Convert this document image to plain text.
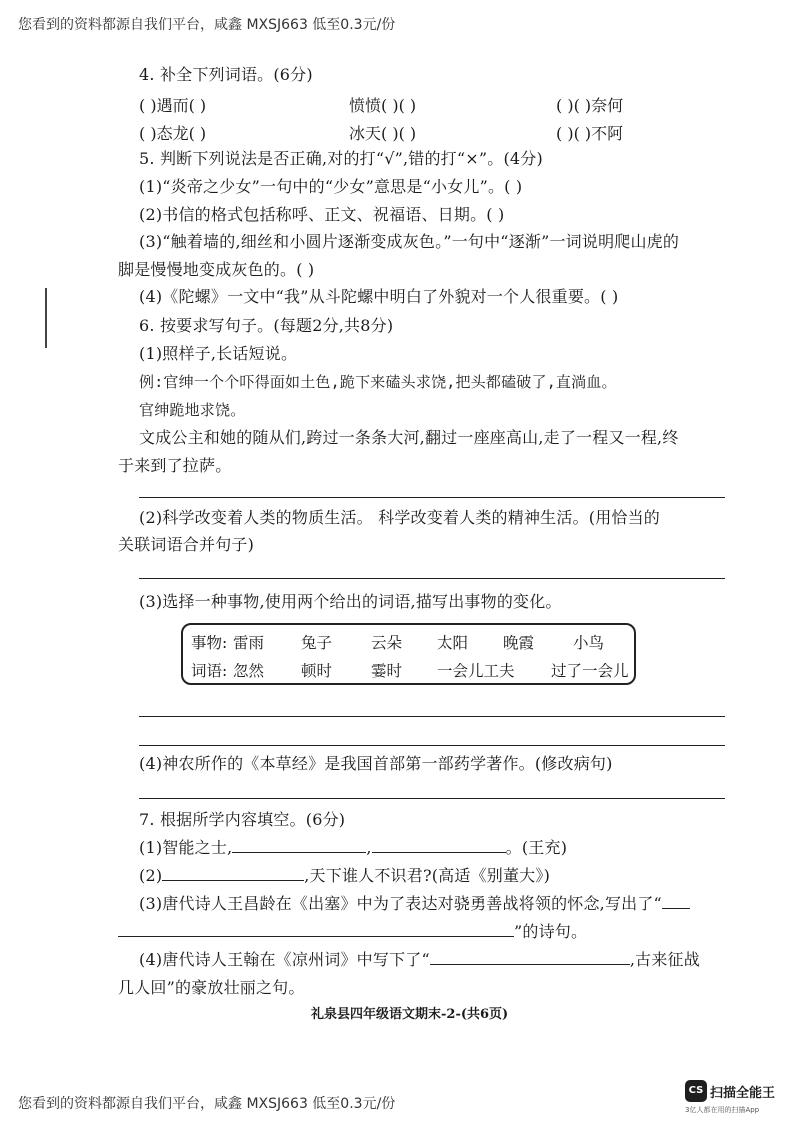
您看到的资料都源自我们平台，咸鑫 MXSJ663 低至0.3元/份
您看到的资料都源自我们平台，咸鑫 MXSJ663 低至0.3元/份
4. 补全下列词语。(6分)
( )遇而( )	愤愤( )( )	( )( )奈何
( )态龙( )	冰天( )( )	( )( )不阿
5. 判断下列说法是否正确,对的打“√”,错的打“×”。(4分)
(1)“炎帝之少女”一句中的“少女”意思是“小女儿”。( )
(2)书信的格式包括称呼、正文、祝福语、日期。( )
(3)“触着墙的,细丝和小圆片逐渐变成灰色。”一句中“逐渐”一词说明爬山虎的
脚是慢慢地变成灰色的。( )
(4)《陀螺》一文中“我”从斗陀螺中明白了外貌对一个人很重要。( )
6. 按要求写句子。(每题2分,共8分)
(1)照样子,长话短说。
例:官绅一个个吓得面如土色,跪下来磕头求饶,把头都磕破了,直淌血。
官绅跪地求饶。
文成公主和她的随从们,跨过一条条大河,翻过一座座高山,走了一程又一程,终
于来到了拉萨。
(2)科学改变着人类的物质生活。 科学改变着人类的精神生活。(用恰当的
关联词语合并句子)
(3)选择一种事物,使用两个给出的词语,描写出事物的变化。
事物: 雷雨 兔子	云朵 太阳 晚霞	小鸟
词语: 忽然 顿时	霎时 一会儿工夫 过了一会儿
(4)神农所作的《本草经》是我国首部第一部药学著作。(修改病句)
7. 根据所学内容填空。(6分)
(1)智能之士,	,	。(王充)
(2)	,天下谁人不识君?(高适《别董大》)
(3)唐代诗人王昌龄在《出塞》中为了表达对骁勇善战将领的怀念,写出了“
”的诗句。
(4)唐代诗人王翰在《凉州词》中写下了“	,古来征战
几人回”的豪放壮丽之句。
礼泉县四年级语文期末-2-(共6页)
CS 扫描全能王
3亿人都在用的扫描App
